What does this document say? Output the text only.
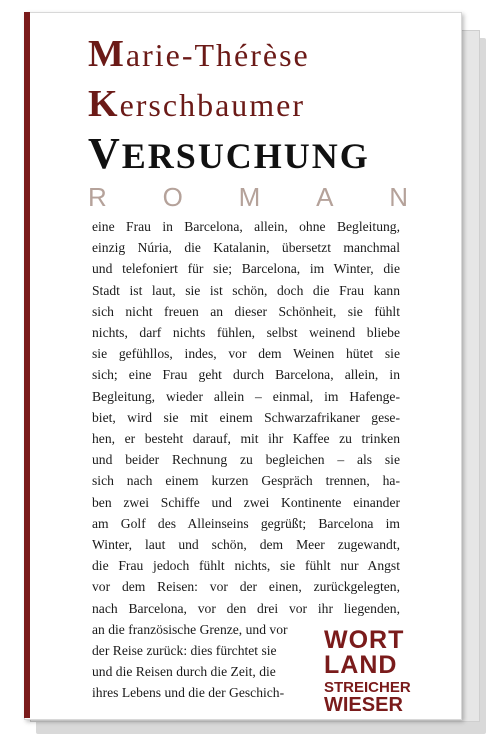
Marie-Thérèse
Kerschbaumer
VERSUCHUNG
R O M A N
eine Frau in Barcelona, allein, ohne Begleitung,
einzig Núria, die Katalanin, übersetzt manchmal
und telefoniert für sie; Barcelona, im Winter, die
Stadt ist laut, sie ist schön, doch die Frau kann
sich nicht freuen an dieser Schönheit, sie fühlt
nichts, darf nichts fühlen, selbst weinend bliebe
sie gefühllos, indes, vor dem Weinen hütet sie
sich; eine Frau geht durch Barcelona, allein, in
Begleitung, wieder allein – einmal, im Hafenge-
biet, wird sie mit einem Schwarzafrikaner gese-
hen, er besteht darauf, mit ihr Kaffee zu trinken
und beider Rechnung zu begleichen – als sie
sich nach einem kurzen Gespräch trennen, ha-
ben zwei Schiffe und zwei Kontinente einander
am Golf des Alleinseins gegrüßt; Barcelona im
Winter, laut und schön, dem Meer zugewandt,
die Frau jedoch fühlt nichts, sie fühlt nur Angst
vor dem Reisen: vor der einen, zurückgelegten,
nach Barcelona, vor den drei vor ihr liegenden,
an die französische Grenze, und vor
der Reise zurück: dies fürchtet sie
und die Reisen durch die Zeit, die
ihres Lebens und die der Geschich-
WORT
LAND
STREICHER
WIESER
